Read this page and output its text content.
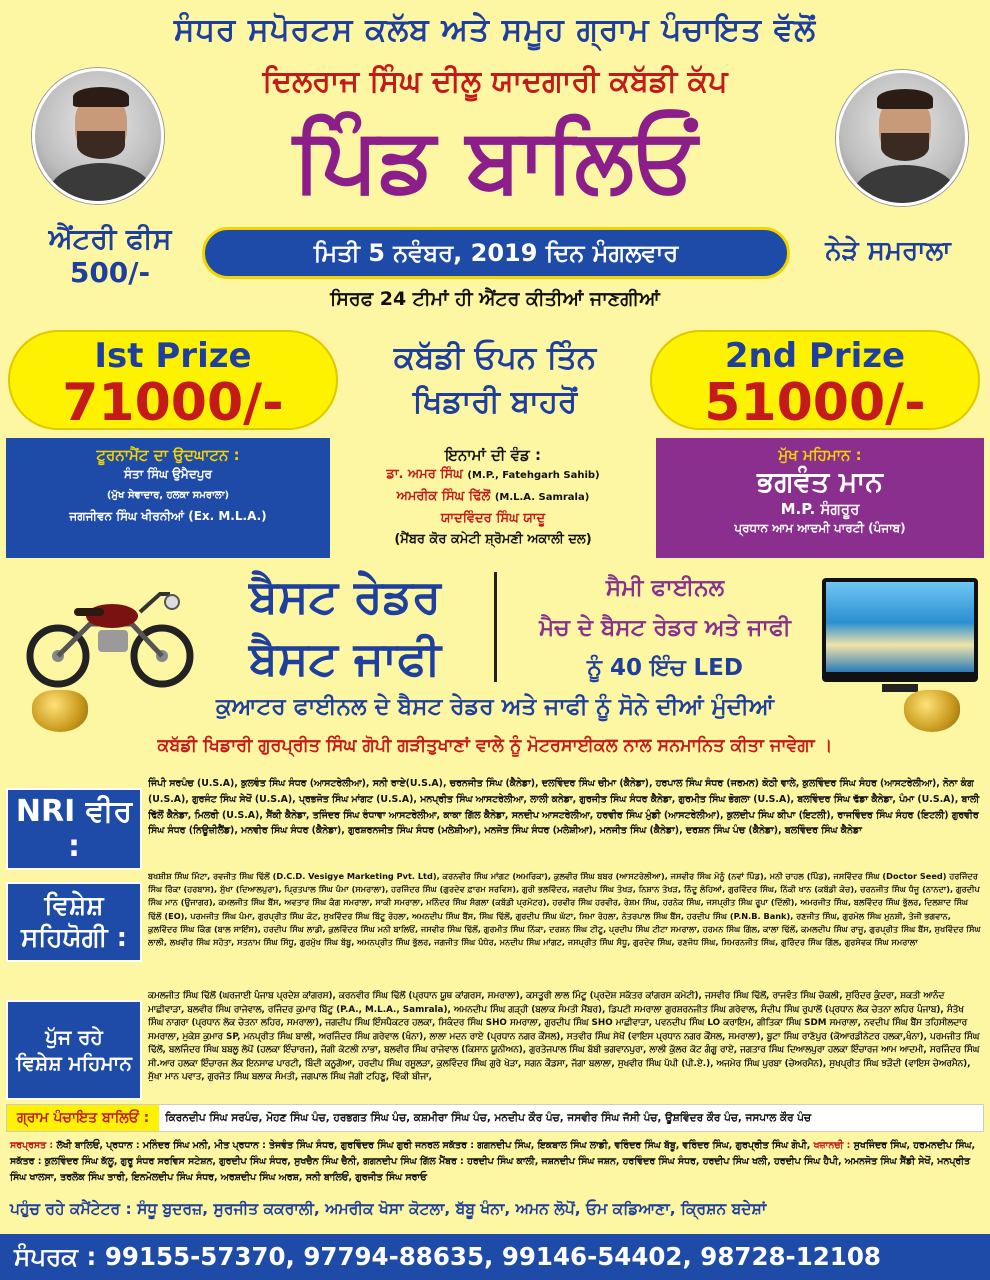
ਸੰਧਰ ਸਪੋਰਟਸ ਕਲੱਬ ਅਤੇ ਸਮੂਹ ਗ੍ਰਾਮ ਪੰਚਾਇਤ ਵੱਲੋਂ
ਦਿਲਰਾਜ ਸਿੰਘ ਦੀਲੂ ਯਾਦਗਾਰੀ ਕਬੱਡੀ ਕੱਪ
ਪਿੰਡ ਬਾਲਿਓਂ
ਐਂਟਰੀ ਫੀਸ
500/-
ਮਿਤੀ 5 ਨਵੰਬਰ, 2019 ਦਿਨ ਮੰਗਲਵਾਰ	ਨੇੜੇ ਸਮਰਾਲਾ
ਸਿਰਫ 24 ਟੀਮਾਂ ਹੀ ਐਂਟਰ ਕੀਤੀਆਂ ਜਾਣਗੀਆਂ
Ist Prize
71000/-
ਕਬੱਡੀ ਓਪਨ ਤਿੰਨ
ਖਿਡਾਰੀ ਬਾਹਰੋਂ
2nd Prize
51000/-
ਟੂਰਨਾਮੈਂਟ ਦਾ ਉਦਘਾਟਨ :
ਸੰਤਾ ਸਿੰਘ ਉਮੈਦਪੁਰ
(ਮੁੱਖ ਸੇਵਾਦਾਰ, ਹਲਕਾ ਸਮਰਾਲਾ)
ਜਗਜੀਵਨ ਸਿੰਘ ਖੀਰਨੀਆਂ (Ex. M.L.A.)
ਇਨਾਮਾਂ ਦੀ ਵੰਡ :
ਡਾ. ਅਮਰ ਸਿੰਘ (M.P., Fatehgarh Sahib)
ਅਮਰੀਕ ਸਿੰਘ ਢਿੱਲੋਂ (M.L.A. Samrala)
ਯਾਦਵਿੰਦਰ ਸਿੰਘ ਯਾਦੂ
(ਮੈਂਬਰ ਕੋਰ ਕਮੇਟੀ ਸ਼੍ਰੋਮਣੀ ਅਕਾਲੀ ਦਲ)
ਮੁੱਖ ਮਹਿਮਾਨ :
ਭਗਵੰਤ ਮਾਨ
M.P. ਸੰਗਰੂਰ
ਪ੍ਰਧਾਨ ਆਮ ਆਦਮੀ ਪਾਰਟੀ (ਪੰਜਾਬ)
ਬੈਸਟ ਰੇਡਰ
ਬੈਸਟ ਜਾਫੀ
ਸੈਮੀ ਫਾਈਨਲ
ਮੈਚ ਦੇ ਬੈਸਟ ਰੇਡਰ ਅਤੇ ਜਾਫੀ
ਨੂੰ 40 ਇੰਚ LED
ਕੁਆਟਰ ਫਾਈਨਲ ਦੇ ਬੈਸਟ ਰੇਡਰ ਅਤੇ ਜਾਫੀ ਨੂੰ ਸੋਨੇ ਦੀਆਂ ਮੁੰਦੀਆਂ
ਕਬੱਡੀ ਖਿਡਾਰੀ ਗੁਰਪ੍ਰੀਤ ਸਿੰਘ ਗੋਪੀ ਗੜੀਤੁਖਾਣਾਂ ਵਾਲੇ ਨੂੰ ਮੋਟਰਸਾਈਕਲ ਨਾਲ ਸਨਮਾਨਿਤ ਕੀਤਾ ਜਾਵੇਗਾ ।
NRI ਵੀਰ :
ਜਿੰਪੀ ਸਰਪੰਚ (U.S.A), ਕੁਲਵੰਤ ਸਿੰਘ ਸੰਧਰ (ਆਸਟਰੇਲੀਆ), ਸਨੀ ਰਾਏ(U.S.A), ਚਰਨਜੀਤ ਸਿੰਘ (ਕੈਨੇਡਾ), ਦਲਵਿੰਦਰ ਸਿੰਘ ਚੀਮਾ (ਕੈਨੇਡਾ), ਹਰਪਾਲ ਸਿੰਘ ਸੰਧਰ (ਜਰਮਨ) ਕੋਠੀ ਵਾਲੇ, ਕੁਲਵਿੰਦਰ ਸਿੰਘ ਸੰਹਰ (ਆਸਟਰੇਲੀਆ), ਨੋਨਾ ਕੰਗ (U.S.A), ਗੁਰਜੰਟ ਸਿੰਘ ਸੇਖੋਂ (U.S.A), ਪ੍ਰਭਜੋਤ ਸਿੰਘ ਮਾਂਗਟ (U.S.A), ਮਨਪ੍ਰੀਤ ਸਿੰਘ ਆਸਟਰੇਲੀਆ, ਲਾਲੀ ਕਨੇਡਾ, ਗੁਰਜੀਤ ਸਿੰਘ ਸੰਧਰ ਕੈਨੇਡਾ, ਗੁਰਮੀਤ ਸਿੰਘ ਭੋਗਲਾ (U.S.A), ਬਲਵਿੰਦਰ ਸਿੰਘ ਢੱਡਾ ਕੈਨੇਡਾ, ਪੰਮਾ (U.S.A), ਬਾਲੀ ਢਿੱਲੋਂ ਕੈਨੇਡਾ, ਮਿਲਰੀ (U.S.A), ਸੈਂਕੀ ਕੈਨੇਡਾ, ਤਜਿੰਦਰ ਸਿੰਘ ਰੰਧਾਵਾ ਆਸਟਰੇਲੀਆ, ਕਾਕਾ ਗਿੱਲ ਕੈਨੇਡਾ, ਸਨਦੀਪ ਆਸਟਰੇਲੀਆ, ਹਰਵੀਰ ਸਿੰਘ ਮੁੰਡੀ (ਆਸਟਰੇਲੀਆ), ਕੁਲਦੀਪ ਸਿੰਘ ਕੀਪਾ (ਇਟਲੀ), ਰਾਜਵਿੰਦਰ ਸਿੰਘ ਸੰਹਰ (ਇਟਲੀ) ਗੁਰਵੀਰ ਸਿੰਘ ਸੰਧਰ (ਨਿਊਜ਼ੀਲੈਂਡ), ਮਨਵੀਰ ਸਿੰਘ ਸੰਧਰ (ਕੈਨੇਡਾ), ਗੁਰਸ਼ਰਨਜੀਤ ਸਿੰਘ ਸੰਧਰ (ਮਲੇਸ਼ੀਆ), ਮਨਜੋਤ ਸਿੰਘ ਸੰਧਰ (ਮਲੇਸ਼ੀਆ), ਮਨਜੀਤ ਸਿੰਘ (ਕੈਨੇਡਾ), ਦਰਸ਼ਨ ਸਿੰਘ ਪੰਚ (ਕੈਨੇਡਾ), ਬਲਵਿੰਦਰ ਸਿੰਘ ਕੈਨੇਡਾ
ਵਿਸ਼ੇਸ਼
ਸਹਿਯੋਗੀ :
ਬਖਸ਼ੀਸ਼ ਸਿੰਘ ਮਿੰਟਾ, ਰਵਜੀਤ ਸਿੰਘ ਢਿੱਲੋਂ (D.C.D. Vesigye Marketing Pvt. Ltd), ਕਰਨਵੀਰ ਸਿੰਘ ਮਾਂਗਟ (ਅਮਰਿਕਾ), ਕੁਲਵੀਰ ਸਿੰਘ ਬਬਰ (ਆਸਟਰੇਲੀਆ), ਜਸਵੀਰ ਸਿੰਘ ਮੋਨੂੰ (ਨਵਾਂ ਪਿੰਡ), ਮਨੀ ਚਾਹਲ (ਪਿੰਡ), ਜਸਵਿੰਦਰ ਸਿੰਘ (Doctor Seed) ਹਰਜਿੰਦਰ ਸਿੰਘ ਰਿੰਕਾ (ਹਰਬਾਸ), ਸੁੱਖਾ (ਦਿਆਲਪੁਰਾ), ਪ੍ਰਿਤਪਾਲ ਸਿੰਘ ਪੰਮਾ (ਸਮਰਾਲਾ), ਹਰਜਿੰਦਰ ਸਿੰਘ (ਗੁਰਦੇਵ ਫ਼ਾਰਮ ਸਰਵਿਸ), ਗੁਰੀ ਭਲਵਿੰਦਰ, ਜਗਦੀਪ ਸਿੰਘ ਤੋਖੜ, ਨਿਸ਼ਾਨ ਤੋਖੜ, ਨਿੰਦੂ ਲੋਹਿਆਂ, ਗੁਰਵਿੰਦਰ ਸਿੰਘ, ਨਿੱਕੀ ਖਾਨ (ਕਬੱਡੀ ਕੋਚ), ਚਰਨਜੀਤ ਸਿੰਘ ਧੰਜੂ (ਨਾਨਦਾ), ਗੁਰਦੀਪ ਸਿੰਘ ਮਾਨ (ਉਜਾਗਰ), ਕਮਲਜੀਤ ਸਿੰਘ ਬੈਂਸ, ਅਵਤਾਰ ਸਿੰਘ ਕੰਗ ਸਮਰਾਲਾ, ਸਾਕੀ ਸਮਰਾਲਾ, ਮਨਿੰਦਰ ਸਿੰਘ ਸੰਗਲਾ (ਕਬੱਡੀ ਪ੍ਰਮੋਟਰ), ਹਰਵੀਰ ਸਿੰਘ ਹਰਵੀਰ, ਰੇਸ਼ਮ ਸਿੰਘ, ਹਰਨੇਕ ਸਿੰਘ, ਜਸਪ੍ਰੀਤ ਸਿੰਘ ਰੂਪਾ (ਦਿੱਲੀ), ਅਮਰਜੀਤ ਸਿੰਘ, ਬਲਵਿੰਦਰ ਸਿੰਘ ਭੁੱਲਰ, ਦਿਲਸ਼ਾਦ ਸਿੰਘ ਢਿੱਲੋਂ (EO), ਪਰਮਜੀਤ ਸਿੰਘ ਪੰਮਾ, ਗੁਰਪ੍ਰੀਤ ਸਿੰਘ ਕੋਟ, ਸੁਖਵਿੰਦਰ ਸਿੰਘ ਬਿੱਟੂ ਰੋਹਲਾ, ਅਮਨਦੀਪ ਸਿੰਘ ਬੈਂਸ, ਸਿੰਘ ਢਿੱਲੋਂ, ਗੁਰਦੀਪ ਸਿੰਘ ਘੱਟਾ, ਸਿਮਾ ਰੋਹਲਾ, ਨੇਤਰਪਾਲ ਸਿੰਘ ਬੈਂਸ, ਹਰਦੀਪ ਸਿੰਘ (P.N.B. Bank), ਰਣਜੀਤ ਸਿੰਘ, ਗੁਰਮੇਲ ਸਿੰਘ ਮੁਨਸ਼ੀ, ਤੇਜੀ ਭਗਵਾਨ, ਕੁਲਵਿੰਦਰ ਸਿੰਘ ਕਿੰਗ (ਬਾਲ ਸਾਇੰਸ), ਹਰਦੀਪ ਸਿੰਘ ਲਾਡੀ, ਕੁਲਵਿੰਦਰ ਸਿੰਘ ਮਨੀ ਬਾਲਿਓਂ, ਜਸਵੀਰ ਸਿੰਘ ਢਿੱਲੋਂ, ਗੁਰਮੀਤ ਸਿੰਘ ਨਿੱਕਾ, ਦਰਸ਼ਨ ਸਿੰਘ ਟੀਟੂ, ਪ੍ਰਦੀਪ ਸਿੰਘ ਟੀਟਾ ਸਮਰਾਲਾ, ਹਰਮਨ ਸਿੰਘ ਗਿੱਲ, ਕਾਲਾ ਢਿੱਲੋਂ, ਕਮਲਦੀਪ ਸਿੰਘ ਰਾਜੂ, ਗੁਰਪ੍ਰੀਤ ਸਿੰਘ ਬੈਂਸ, ਸੁਖਵਿੰਦਰ ਸਿੰਘ ਲਾਲੀ, ਲਖਵੀਰ ਸਿੰਘ ਸਹੋਤਾ, ਸਤਨਾਮ ਸਿੰਘ ਸਿੱਧੂ, ਗੁਰਮੁੱਖ ਸਿੰਘ ਬੱਬੂ, ਅਮਨਪ੍ਰੀਤ ਸਿੰਘ ਭੁੱਲਰ, ਜਗਜੀਤ ਸਿੰਘ ਪੰਧੇਰ, ਮਨਦੀਪ ਸਿੰਘ ਮਾਂਗਟ, ਜਸਪ੍ਰੀਤ ਸਿੰਘ ਸੰਧੂ, ਗੁਰਦੇਵ ਸਿੰਘ, ਰਣਜੋਧ ਸਿੰਘ, ਸਿਮਰਨਜੀਤ ਸਿੰਘ, ਗੁਰਿੰਦਰ ਸਿੰਘ ਗਿੱਲ, ਗੁਰਸੇਵਕ ਸਿੰਘ ਸਮਰਾਲਾ
ਪੁੱਜ ਰਹੇ
ਵਿਸ਼ੇਸ਼ ਮਹਿਮਾਨ
ਕਮਲਜੀਤ ਸਿੰਘ ਢਿੱਲੋਂ (ਘਰਜਾਈ ਪੰਜਾਬ ਪ੍ਰਦੇਸ਼ ਕਾਂਗਰਸ), ਕਰਨਵੀਰ ਸਿੰਘ ਢਿੱਲੋਂ (ਪ੍ਰਧਾਨ ਯੂਥ ਕਾਂਗਰਸ, ਸਮਰਾਲਾ), ਕਸਤੂਰੀ ਲਾਲ ਮਿੰਟੂ (ਪ੍ਰਦੇਸ਼ ਸਕੱਤਰ ਕਾਂਗਰਸ ਕਮੇਟੀ), ਜਸਵੀਰ ਸਿੰਘ ਢਿੱਲੋਂ, ਰਾਜਵੰਤ ਸਿੰਘ ਚੋਕਲੀ, ਸੁਰਿੰਦਰ ਕੁੰਦਰਾ, ਸ਼ਕਤੀ ਆਨੰਦ ਮਾਛੀਵਾੜਾ, ਬਲਵੀਰ ਸਿੰਘ ਰਾਜੇਵਾਲ, ਰਜਿੰਦਰ ਕੁਮਾਰ ਬਿੱਟੂ (P.A., M.L.A., Samrala), ਅਮਨਦੀਪ ਸਿੰਘ ਗੜ੍ਹੀ (ਬਲਾਕ ਸੰਮਤੀ ਮੈਂਬਰ), ਡਿਪਟੀ ਸਮਰਾਲਾ ਗੁਰਸ਼ਰਨਜੀਤ ਸਿੰਘ ਗਰੇਵਾਲ, ਸੰਦੀਪ ਸਿੰਘ ਰੁਪਾਲੋਂ (ਪ੍ਰਧਾਨ ਲੋਕ ਚੇਤਨਾ ਲਹਿਰ ਪੰਜਾਬ), ਸੰਤੋਖ ਸਿੰਘ ਨਾਗਰਾ (ਪ੍ਰਧਾਨ ਲੋਕ ਚੇਤਨਾ ਲਹਿਰ, ਸਮਰਾਲਾ), ਜਗਦੀਪ ਸਿੰਘ ਇੰਸਪੈਕਟਰ ਹਲਕਾ, ਸਿਕੰਦਰ ਸਿੰਘ SHO ਸਮਰਾਲਾ, ਗੁਰਦੀਪ ਸਿੰਘ SHO ਮਾਛੀਵਾੜਾ, ਪਵਨਦੀਪ ਸਿੰਘ LO ਕਰਾਇਮ, ਗੀਤਿਕਾ ਸਿੰਘ SDM ਸਮਰਾਲਾ, ਨਵਦੀਪ ਸਿੰਘ ਬੈਂਸ ਤਹਿਸੀਲਦਾਰ ਸਮਰਾਲਾ, ਮੁਕੇਸ਼ ਕੁਮਾਰ SP, ਮਨਪ੍ਰੀਤ ਸਿੰਘ ਬਾਲੀ, ਅਰਜਿੰਦਰ ਸਿੰਘ ਗਰੇਵਾਲ (ਖੰਨਾ), ਲਾਲਾ ਮਦਨ ਰਾਏ (ਪ੍ਰਧਾਨ ਨਗਰ ਕੌਂਸਲ), ਸਤਵੀਰ ਸਿੰਘ ਸੇਖੋਂ (ਵਾਇਸ ਪ੍ਰਧਾਨ ਨਗਰ ਕੌਂਸਲ, ਸਮਰਾਲਾ), ਬੂਟਾ ਸਿੰਘ ਰਾਣੋਪੁਰ (ਕੋਆਰਡੀਨੇਟਰ ਹਲਕਾ,ਖੰਨਾ), ਪਰਮਜੀਤ ਸਿੰਘ ਢਿੱਲੋਂ, ਬਲਜਿੰਦਰ ਸਿੰਘ ਬਬਲੂ ਲੋਪੋਂ (ਹਲਕਾ ਇੰਚਾਰਜ), ਜੱਗੀ ਕੋਟਲੀ ਨਾਭਾ, ਬਲਵੀਰ ਸਿੰਘ ਰਾਜੇਵਾਲ (ਕਿਸਾਨ ਯੂਨੀਅਨ), ਗੁਰਤੇਜਪਾਲ ਸਿੰਘ ਬੱਬੀ ਭਗਵਾਨਪੁਰਾ, ਲਾਲੀ ਕੁੱਲਰ ਕੋਟ ਗੰਗੂ ਰਾਏ, ਜਗਤਾਰ ਸਿੰਘ ਦਿਆਲਪੁਰਾ ਹਲਕਾ ਇੰਚਾਰਜ ਆਮ ਆਦਮੀ, ਸਰਜਿੰਦਰ ਸਿੰਘ ਸੀ.ਆਰ ਹਲਕਾ ਇੰਚਾਰਜ ਲੋਕ ਇਨਸਾਫ ਪਾਰਟੀ, ਬਿੰਦੀ ਕਨੂਗੋਆ, ਹਰਦੀਪ ਸਿੰਘ ਰਸੂਲੜਾ, ਕੁਲਵਿੰਦਰ ਸਿੰਘ ਗੁਰੇ ਖੇੜਾ, ਸਗਨ ਕੌਡਸਾ, ਜੱਗਾ ਬਲਾਲਾ, ਸੁਖਵੀਰ ਸਿੰਘ ਪੱਪੀ (ਪੀ.ਏ.), ਅਜਮੇਰ ਸਿੰਘ ਪੁਰਬਾ (ਚੇਅਰਮੈਨ), ਸੁਖਪ੍ਰੀਤ ਸਿੰਘ ਝੜੌਦੀ (ਵਾਇਸ ਚੇਅਰਮੈਨ), ਸੁੱਖਾ ਮਾਨ ਪਵਾਤ, ਗੁਰਜੋਤ ਸਿੰਘ ਬਲਾਕ ਸੰਮਤੀ, ਜਗਪਾਲ ਸਿੰਘ ਜੋਗੀ ਟਹਿਣੂ, ਵਿੱਕੀ ਬੀਜਾ,
ਗ੍ਰਾਮ ਪੰਚਾਇਤ ਬਾਲਿਓਂ :	ਕਿਰਨਦੀਪ ਸਿੰਘ ਸਰਪੰਚ, ਮੋਹਣ ਸਿੰਘ ਪੰਚ, ਹਰਭਗਤ ਸਿੰਘ ਪੰਚ, ਕਸ਼ਮੀਰਾ ਸਿੰਘ ਪੰਚ, ਮਨਦੀਪ ਕੌਰ ਪੰਚ, ਜਸਵੀਰ ਸਿੰਘ ਜੱਸੀ ਪੰਚ, ਊਸ਼ਵਿੰਦਰ ਕੌਰ ਪੰਚ, ਜਸਪਾਲ ਕੌਰ ਪੰਚ
ਸਰਪ੍ਰਸਤ : ਲੱਖੀ ਬਾਲਿਓਂ, ਪ੍ਰਧਾਨ : ਮਨਿੰਦਰ ਸਿੰਘ ਮਨੀ, ਮੀਤ ਪ੍ਰਧਾਨ : ਤੇਜਵੰਤ ਸਿੰਘ ਸੰਧਰ, ਗੁਰਵਿੰਦਰ ਸਿੰਘ ਗੁਰੀ ਜਨਰਲ ਸਕੱਤਰ : ਗਗਨਦੀਪ ਸਿੰਘ, ਇਕਬਾਲ ਸਿੰਘ ਲਾਡੀ, ਵਰਿੰਦਰ ਸਿੰਘ ਬੱਬੂ, ਵਰਿੰਦਰ ਸਿੰਘ, ਗੁਰਪ੍ਰੀਤ ਸਿੰਘ ਗੋਪੀ, ਖਜ਼ਾਨਚੀ : ਸੁਖਜਿੰਦਰ ਸਿੰਘ, ਹਰਮਨਦੀਪ ਸਿੰਘ, ਸਕੱਤਰ : ਕੁਲਵਿੰਦਰ ਸਿੰਘ ਕੱਲੂ, ਗੁਰੂ ਸੰਧਰ ਸਰਵਿਸ ਸਟੇਸ਼ਨ, ਗੁਰਦੀਪ ਸਿੰਘ ਸੰਧਰ, ਸੁਖਚੈਨ ਸਿੰਘ ਚੈਨੀ, ਗਗਨਦੀਪ ਸਿੰਘ ਗਿੱਲ ਮੈਂਬਰ : ਹਰਦੀਪ ਸਿੰਘ ਕਾਲੀ, ਜਸ਼ਨਦੀਪ ਸਿੰਘ ਜਸ਼ਨ, ਹਰਵਿੰਦਰ ਸਿੰਘ ਸੰਧਰ, ਹਰਦੀਪ ਸਿੰਘ ਖਲੀ, ਹਰਦੀਪ ਸਿੰਘ ਹੈਪੀ, ਅਮਨਜੋਤ ਸਿੰਘ ਸੈਂਡੀ ਸੇਖੋਂ, ਮਨਪ੍ਰੀਤ ਸਿੰਘ ਖਾਲਸਾ, ਤਰਲੋਕ ਸਿੰਘ ਤਾਰੀ, ਇਨਮੋਲਦੀਪ ਸਿੰਘ ਸੰਧਰ, ਅਰਸ਼ਦੀਪ ਸਿੰਘ ਅਰਸ਼, ਸਨੀ ਬਾਲਿਓਂ, ਗੁਰਜੀਤ ਸਿੰਘ ਸਰਾਓ
ਪਹੁੰਚ ਰਹੇ ਕਮੈਂਟੇਟਰ : ਸੰਧੂ ਬੁਦਰਜ਼, ਸੁਰਜੀਤ ਕਕਰਾਲੀ, ਅਮਰੀਕ ਖੋਸਾ ਕੋਟਲਾ, ਬੱਬੂ ਖੰਨਾ, ਅਮਨ ਲੋਪੋਂ, ਓਮ ਕਡਿਆਣਾ, ਕ੍ਰਿਸ਼ਨ ਬਦੇਸ਼ਾਂ
ਸੰਪਰਕ : 99155-57370, 97794-88635, 99146-54402, 98728-12108
